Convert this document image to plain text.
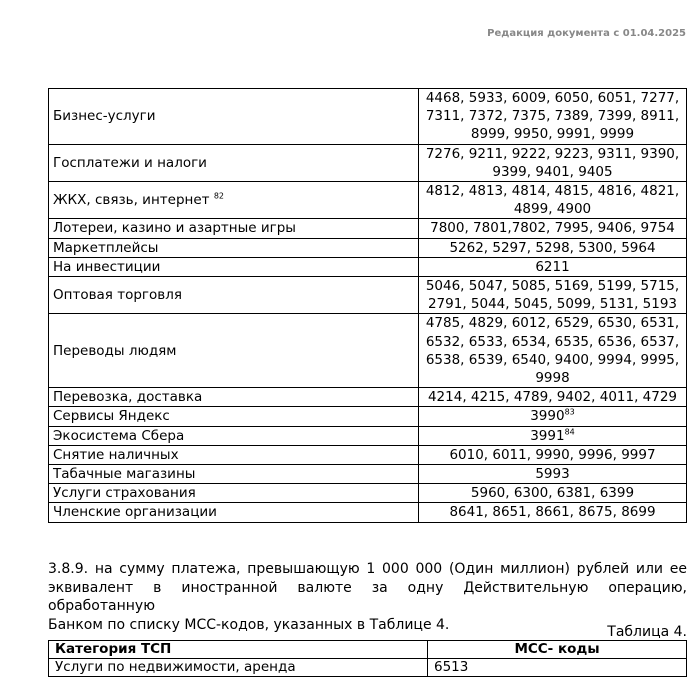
Редакция документа с 01.04.2025
Бизнес-услуги	4468, 5933, 6009, 6050, 6051, 7277, 7311, 7372, 7375, 7389, 7399, 8911, 8999, 9950, 9991, 9999
Госплатежи и налоги	7276, 9211, 9222, 9223, 9311, 9390, 9399, 9401, 9405
ЖКХ, связь, интернет $^{82}$	4812, 4813, 4814, 4815, 4816, 4821, 4899, 4900
Лотереи, казино и азартные игры	7800, 7801,7802, 7995, 9406, 9754
Маркетплейсы	5262, 5297, 5298, 5300, 5964
На инвестиции	6211
Оптовая торговля	5046, 5047, 5085, 5169, 5199, 5715, 2791, 5044, 5045, 5099, 5131, 5193
Переводы людям	4785, 4829, 6012, 6529, 6530, 6531, 6532, 6533, 6534, 6535, 6536, 6537, 6538, 6539, 6540, 9400, 9994, 9995, 9998
Перевозка, доставка	4214, 4215, 4789, 9402, 4011, 4729
Сервисы Яндекс	3990$^{83}$
Экосистема Сбера	3991$^{84}$
Снятие наличных	6010, 6011, 9990, 9996, 9997
Табачные магазины	5993
Услуги страхования	5960, 6300, 6381, 6399
Членские организации	8641, 8651, 8661, 8675, 8699
3.8.9. на сумму платежа, превышающую 1 000 000 (Один миллион) рублей или ее
эквивалент в иностранной валюте за одну Действительную операцию, обработанную
Банком по списку МСС-кодов, указанных в Таблице 4.	Таблица 4.
Категория ТСП	МСС- коды
Услуги по недвижимости, аренда	6513
